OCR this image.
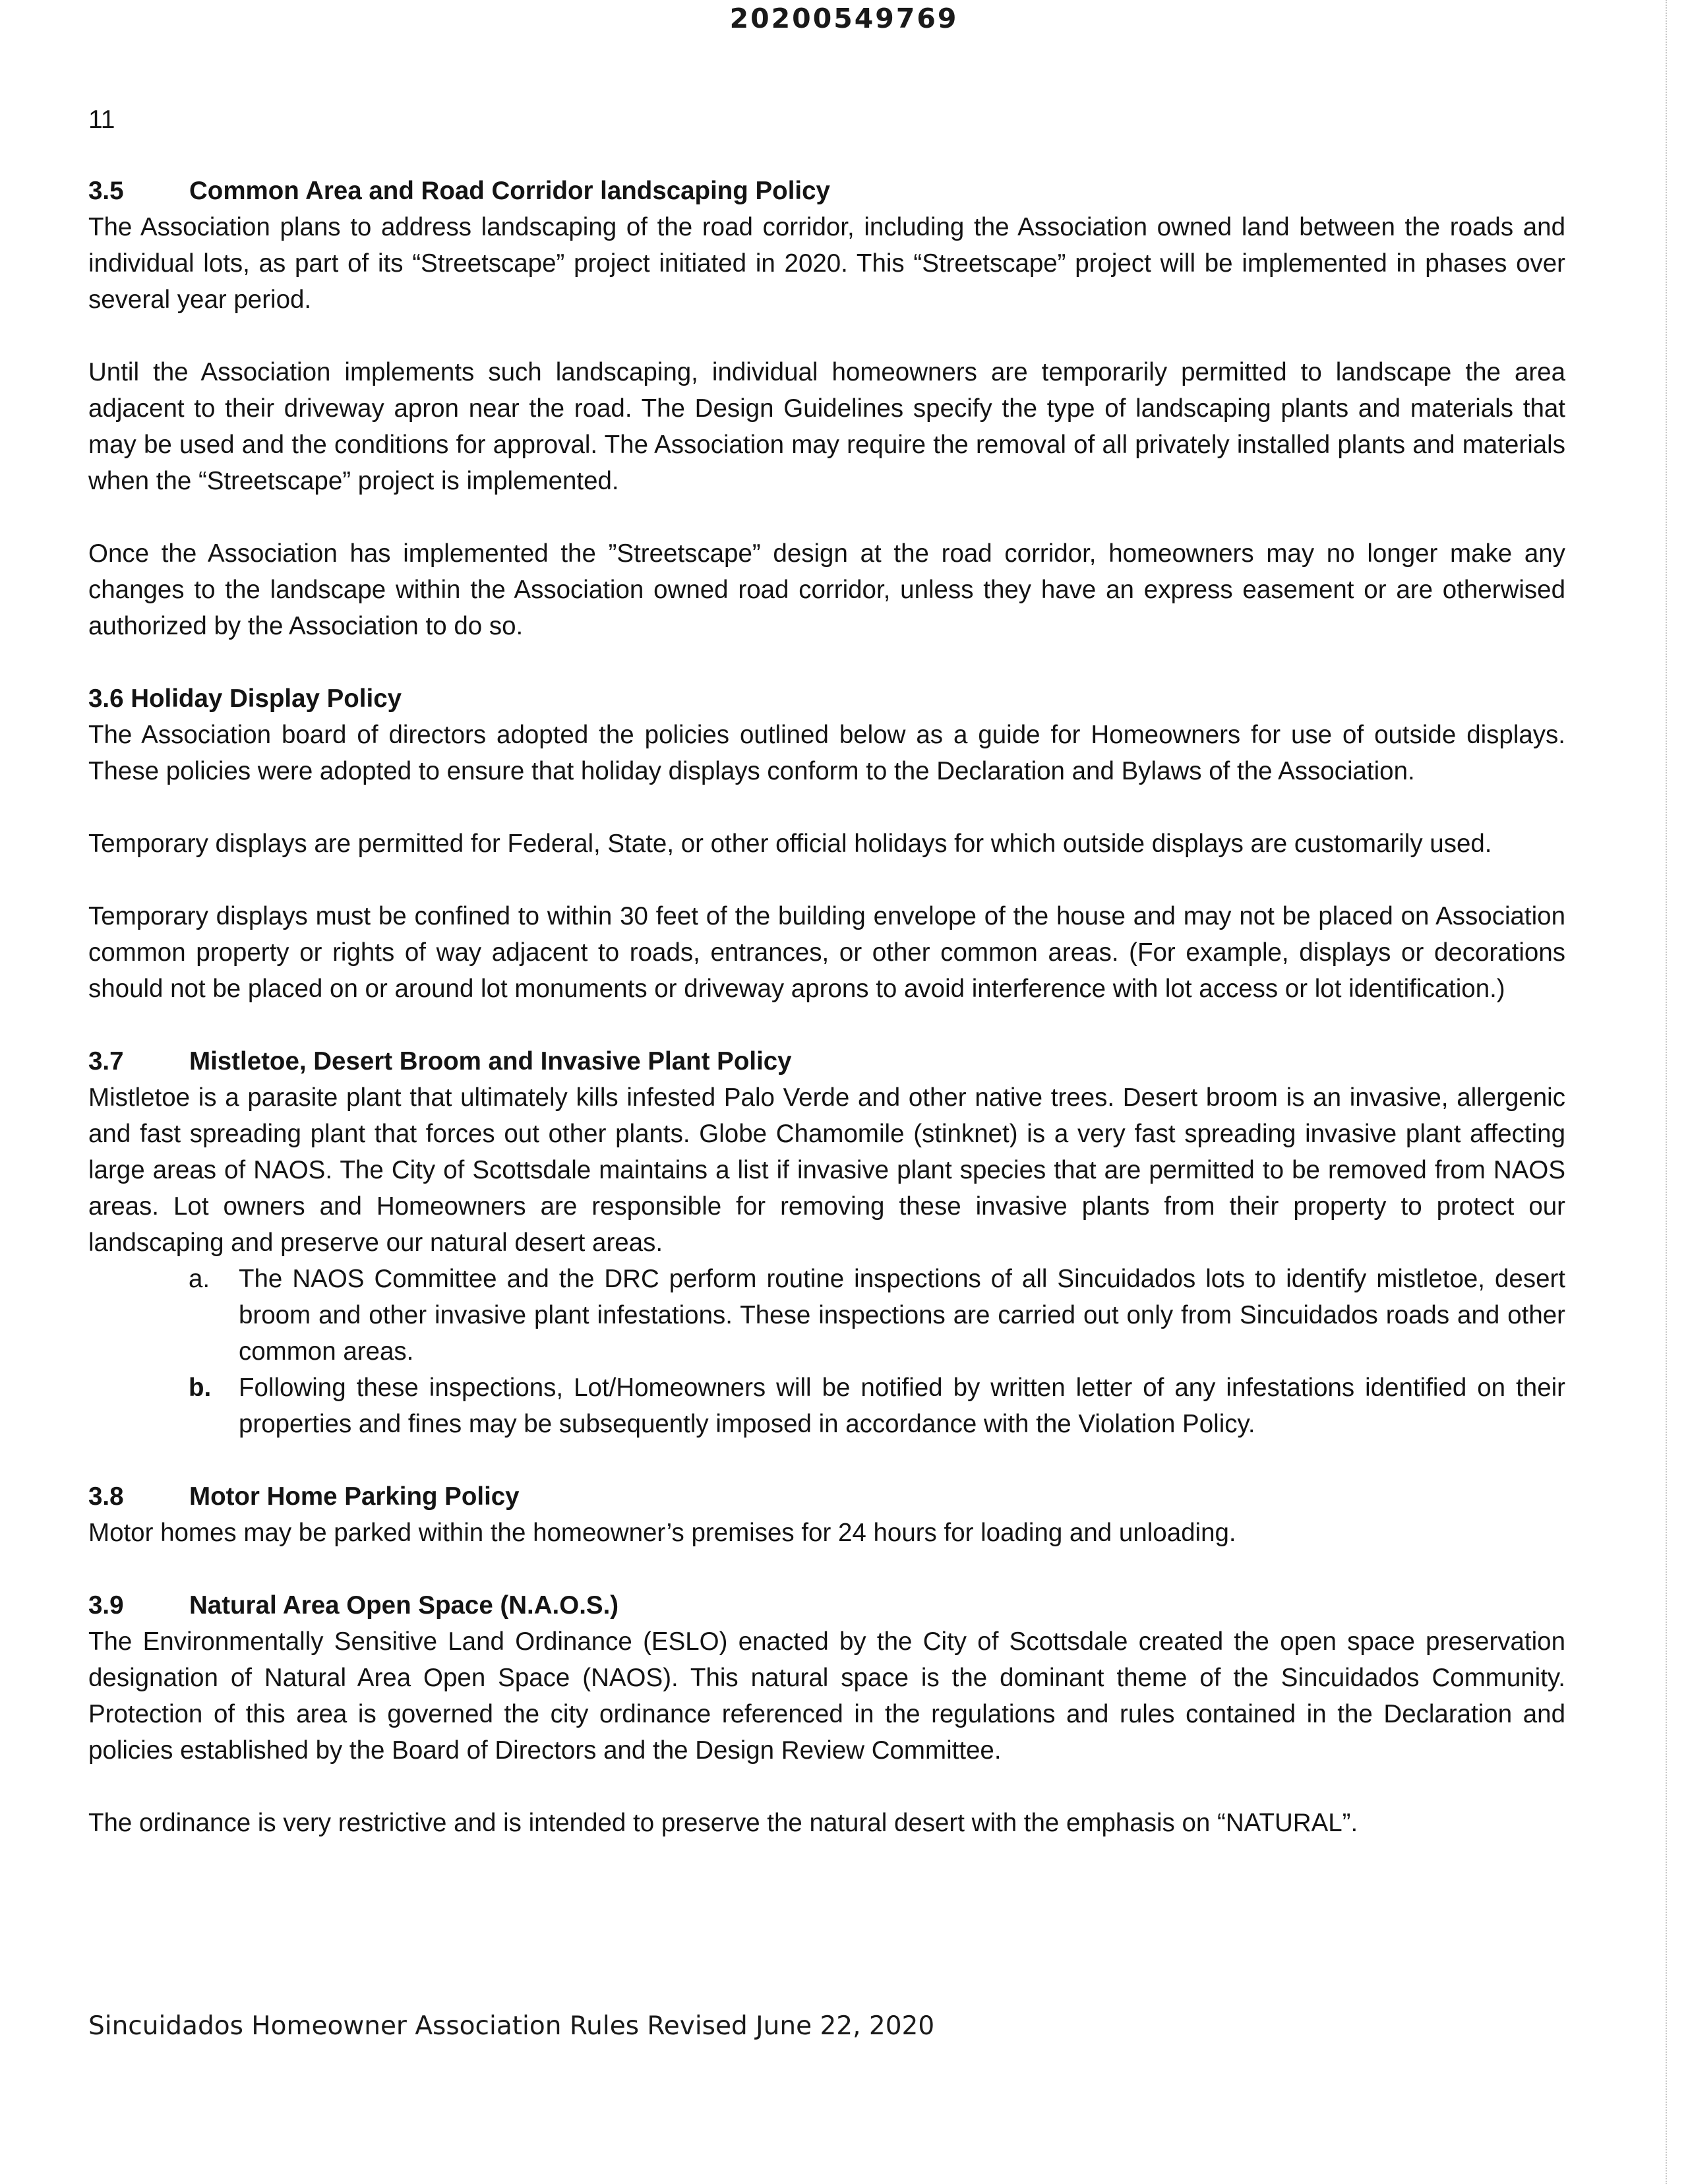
20200549769
11

3.5	Common Area and Road Corridor landscaping Policy

The Association plans to address landscaping of the road corridor, including the Association owned land between the roads and individual lots, as part of its “Streetscape” project initiated in 2020. This “Streetscape” project will be implemented in phases over several year period.

Until the Association implements such landscaping, individual homeowners are temporarily permitted to landscape the area adjacent to their driveway apron near the road. The Design Guidelines specify the type of landscaping plants and materials that may be used and the conditions for approval. The Association may require the removal of all privately installed plants and materials when the “Streetscape” project is implemented.

Once the Association has implemented the ”Streetscape” design at the road corridor, homeowners may no longer make any changes to the landscape within the Association owned road corridor, unless they have an express easement or are otherwised authorized by the Association to do so.

3.6 Holiday Display Policy

The Association board of directors adopted the policies outlined below as a guide for Homeowners for use of outside displays. These policies were adopted to ensure that holiday displays conform to the Declaration and Bylaws of the Association.

Temporary displays are permitted for Federal, State, or other official holidays for which outside displays are customarily used.

Temporary displays must be confined to within 30 feet of the building envelope of the house and may not be placed on Association common property or rights of way adjacent to roads, entrances, or other common areas. (For example, displays or decorations should not be placed on or around lot monuments or driveway aprons to avoid interference with lot access or lot identification.)

3.7	Mistletoe, Desert Broom and Invasive Plant Policy

Mistletoe is a parasite plant that ultimately kills infested Palo Verde and other native trees. Desert broom is an invasive, allergenic and fast spreading plant that forces out other plants. Globe Chamomile (stinknet) is a very fast spreading invasive plant affecting large areas of NAOS. The City of Scottsdale maintains a list if invasive plant species that are permitted to be removed from NAOS areas. Lot owners and Homeowners are responsible for removing these invasive plants from their property to protect our landscaping and preserve our natural desert areas.

a. The NAOS Committee and the DRC perform routine inspections of all Sincuidados lots to identify mistletoe, desert broom and other invasive plant infestations. These inspections are carried out only from Sincuidados roads and other common areas.
b. Following these inspections, Lot/Homeowners will be notified by written letter of any infestations identified on their properties and fines may be subsequently imposed in accordance with the Violation Policy.

3.8	Motor Home Parking Policy

Motor homes may be parked within the homeowner’s premises for 24 hours for loading and unloading.

3.9	Natural Area Open Space (N.A.O.S.)

The Environmentally Sensitive Land Ordinance (ESLO) enacted by the City of Scottsdale created the open space preservation designation of Natural Area Open Space (NAOS). This natural space is the dominant theme of the Sincuidados Community. Protection of this area is governed the city ordinance referenced in the regulations and rules contained in the Declaration and policies established by the Board of Directors and the Design Review Committee.

The ordinance is very restrictive and is intended to preserve the natural desert with the emphasis on “NATURAL”.

Sincuidados Homeowner Association Rules Revised June 22, 2020
